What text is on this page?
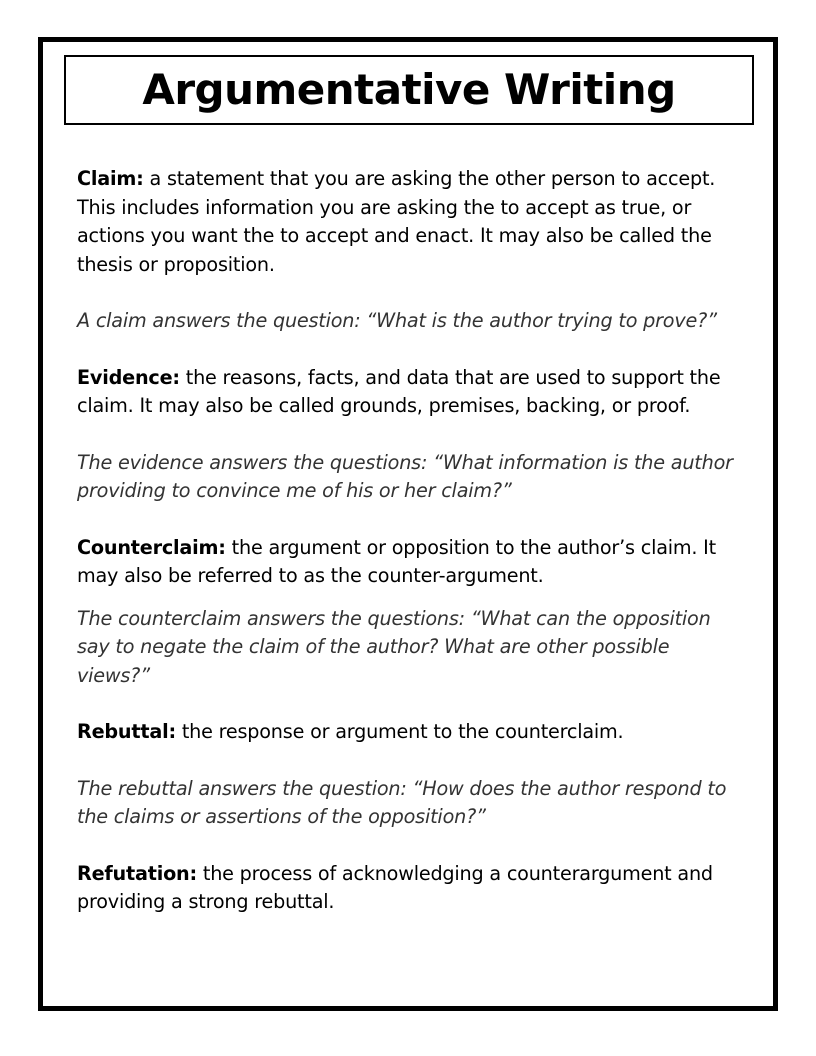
Argumentative Writing

Claim: a statement that you are asking the other person to accept. This includes information you are asking the to accept as true, or actions you want the to accept and enact. It may also be called the thesis or proposition.

A claim answers the question: “What is the author trying to prove?”

Evidence: the reasons, facts, and data that are used to support the claim. It may also be called grounds, premises, backing, or proof.

The evidence answers the questions: “What information is the author providing to convince me of his or her claim?”

Counterclaim: the argument or opposition to the author’s claim. It may also be referred to as the counter-argument.

The counterclaim answers the questions: “What can the opposition say to negate the claim of the author? What are other possible views?”

Rebuttal: the response or argument to the counterclaim.

The rebuttal answers the question: “How does the author respond to the claims or assertions of the opposition?”

Refutation: the process of acknowledging a counterargument and providing a strong rebuttal.
